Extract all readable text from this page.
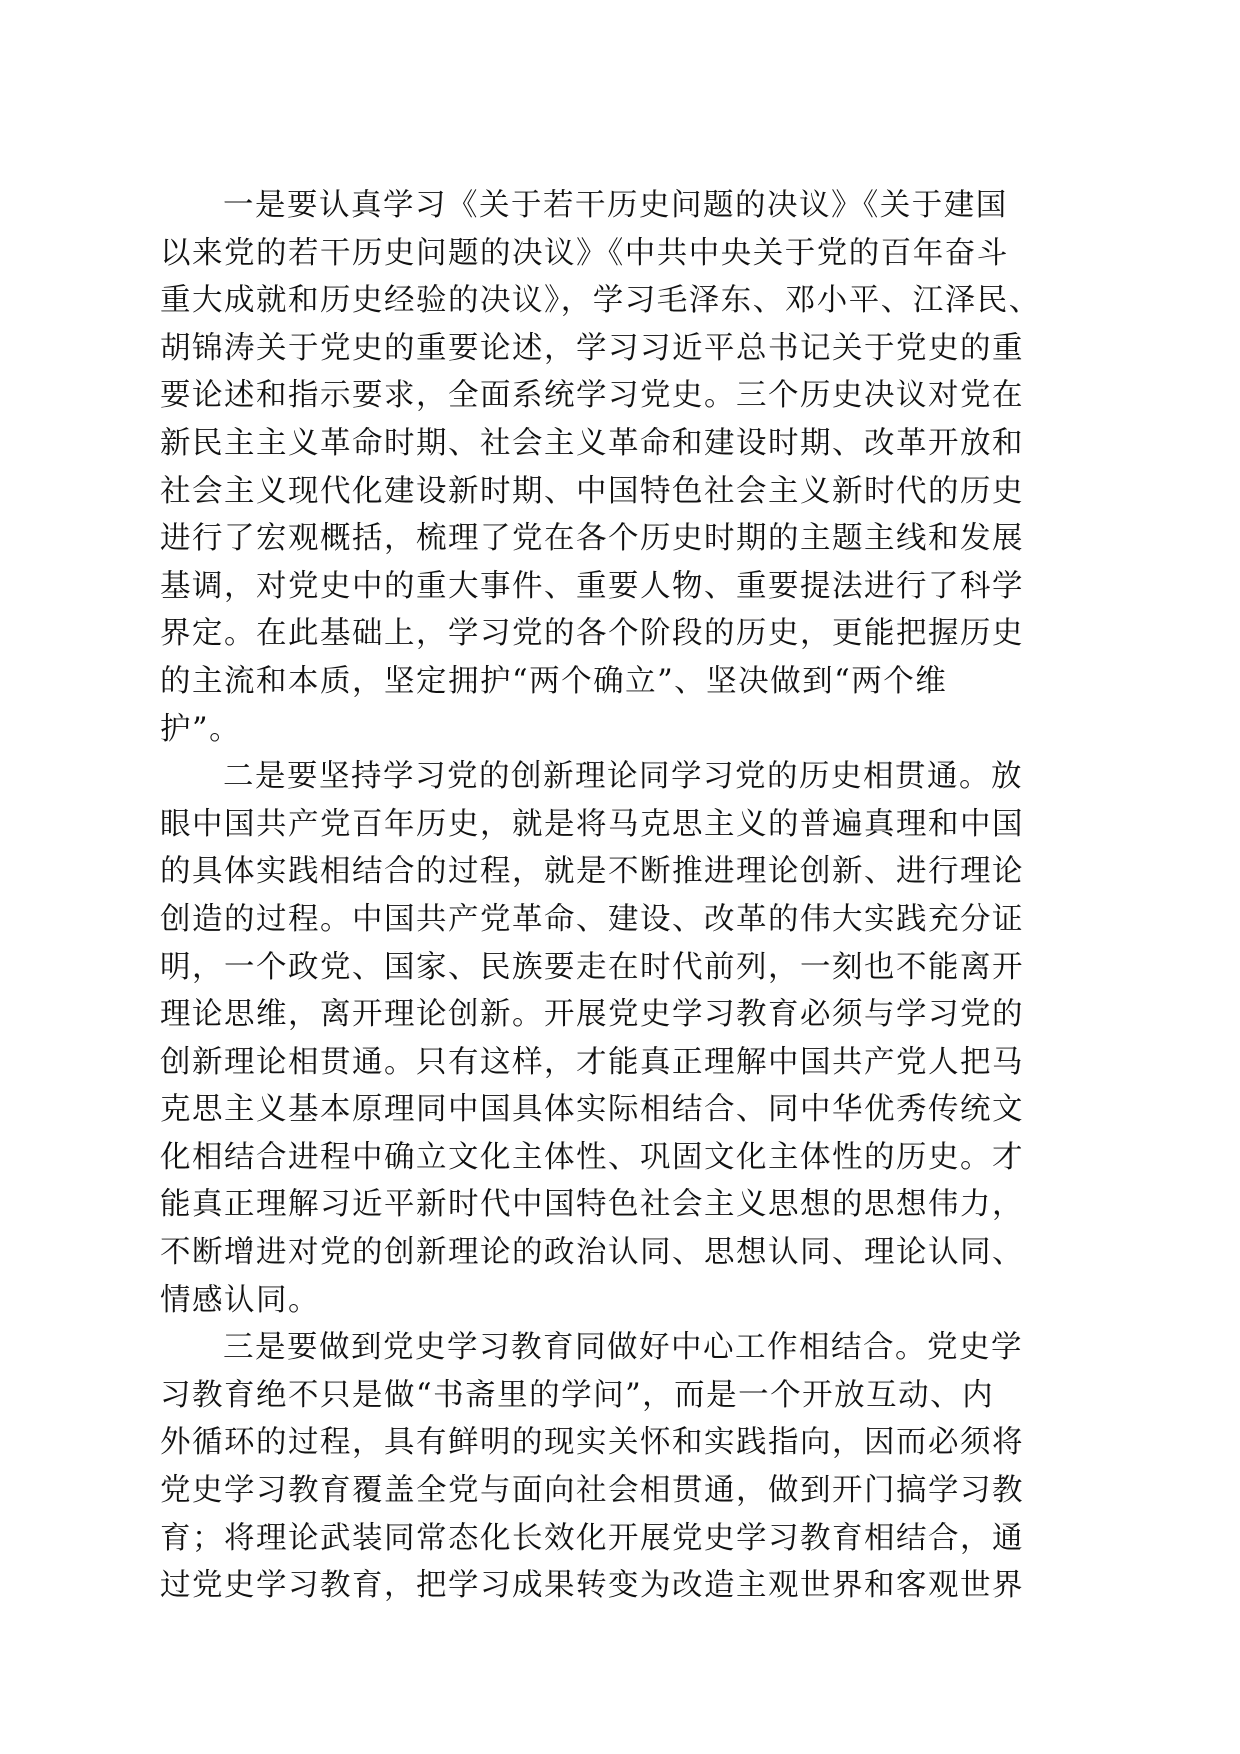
一是要认真学习《关于若干历史问题的决议》《关于建国
以来党的若干历史问题的决议》《中共中央关于党的百年奋斗
重大成就和历史经验的决议》，学习毛泽东、邓小平、江泽民、
胡锦涛关于党史的重要论述，学习习近平总书记关于党史的重
要论述和指示要求，全面系统学习党史。三个历史决议对党在
新民主主义革命时期、社会主义革命和建设时期、改革开放和
社会主义现代化建设新时期、中国特色社会主义新时代的历史
进行了宏观概括，梳理了党在各个历史时期的主题主线和发展
基调，对党史中的重大事件、重要人物、重要提法进行了科学
界定。在此基础上，学习党的各个阶段的历史，更能把握历史
的主流和本质，坚定拥护“两个确立”、坚决做到“两个维
护”。
二是要坚持学习党的创新理论同学习党的历史相贯通。放
眼中国共产党百年历史，就是将马克思主义的普遍真理和中国
的具体实践相结合的过程，就是不断推进理论创新、进行理论
创造的过程。中国共产党革命、建设、改革的伟大实践充分证
明，一个政党、国家、民族要走在时代前列，一刻也不能离开
理论思维，离开理论创新。开展党史学习教育必须与学习党的
创新理论相贯通。只有这样，才能真正理解中国共产党人把马
克思主义基本原理同中国具体实际相结合、同中华优秀传统文
化相结合进程中确立文化主体性、巩固文化主体性的历史。才
能真正理解习近平新时代中国特色社会主义思想的思想伟力，
不断增进对党的创新理论的政治认同、思想认同、理论认同、
情感认同。
三是要做到党史学习教育同做好中心工作相结合。党史学
习教育绝不只是做“书斋里的学问”，而是一个开放互动、内
外循环的过程，具有鲜明的现实关怀和实践指向，因而必须将
党史学习教育覆盖全党与面向社会相贯通，做到开门搞学习教
育；将理论武装同常态化长效化开展党史学习教育相结合，通
过党史学习教育，把学习成果转变为改造主观世界和客观世界
